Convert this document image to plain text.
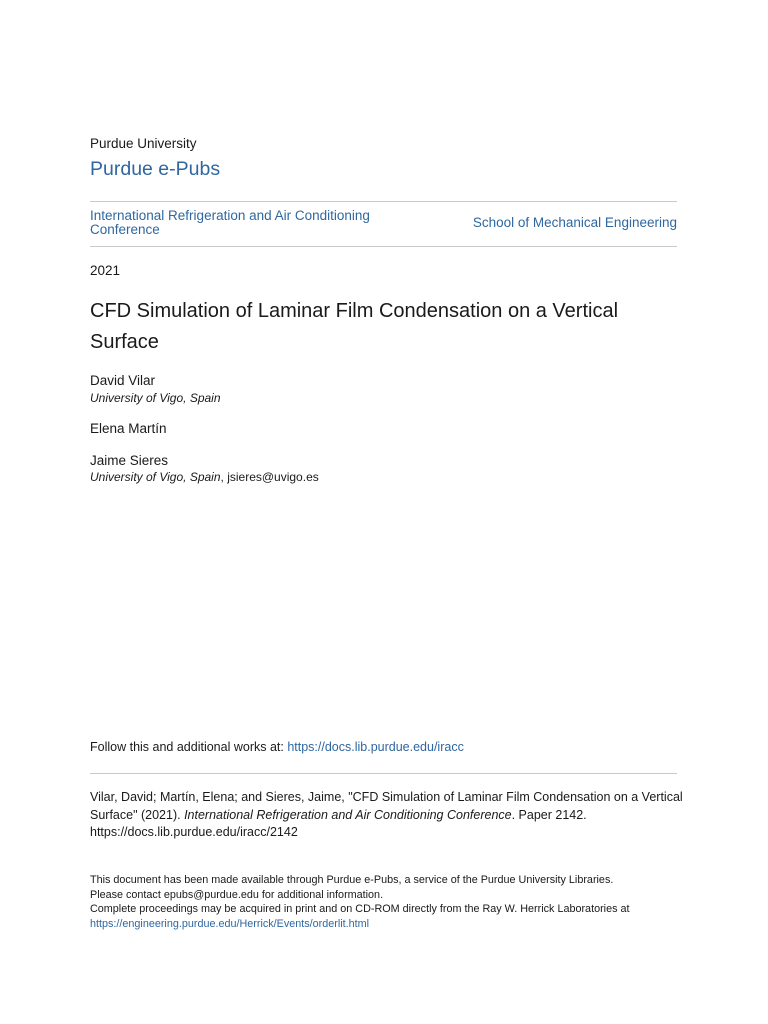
Purdue University
Purdue e-Pubs
International Refrigeration and Air Conditioning
Conference	School of Mechanical Engineering
2021
CFD Simulation of Laminar Film Condensation on a Vertical Surface
David Vilar
University of Vigo, Spain
Elena Martín
Jaime Sieres
University of Vigo, Spain, jsieres@uvigo.es
Follow this and additional works at: https://docs.lib.purdue.edu/iracc
Vilar, David; Martín, Elena; and Sieres, Jaime, "CFD Simulation of Laminar Film Condensation on a Vertical Surface" (2021). International Refrigeration and Air Conditioning Conference. Paper 2142.
https://docs.lib.purdue.edu/iracc/2142
This document has been made available through Purdue e-Pubs, a service of the Purdue University Libraries.
Please contact epubs@purdue.edu for additional information.
Complete proceedings may be acquired in print and on CD-ROM directly from the Ray W. Herrick Laboratories at
https://engineering.purdue.edu/Herrick/Events/orderlit.html
